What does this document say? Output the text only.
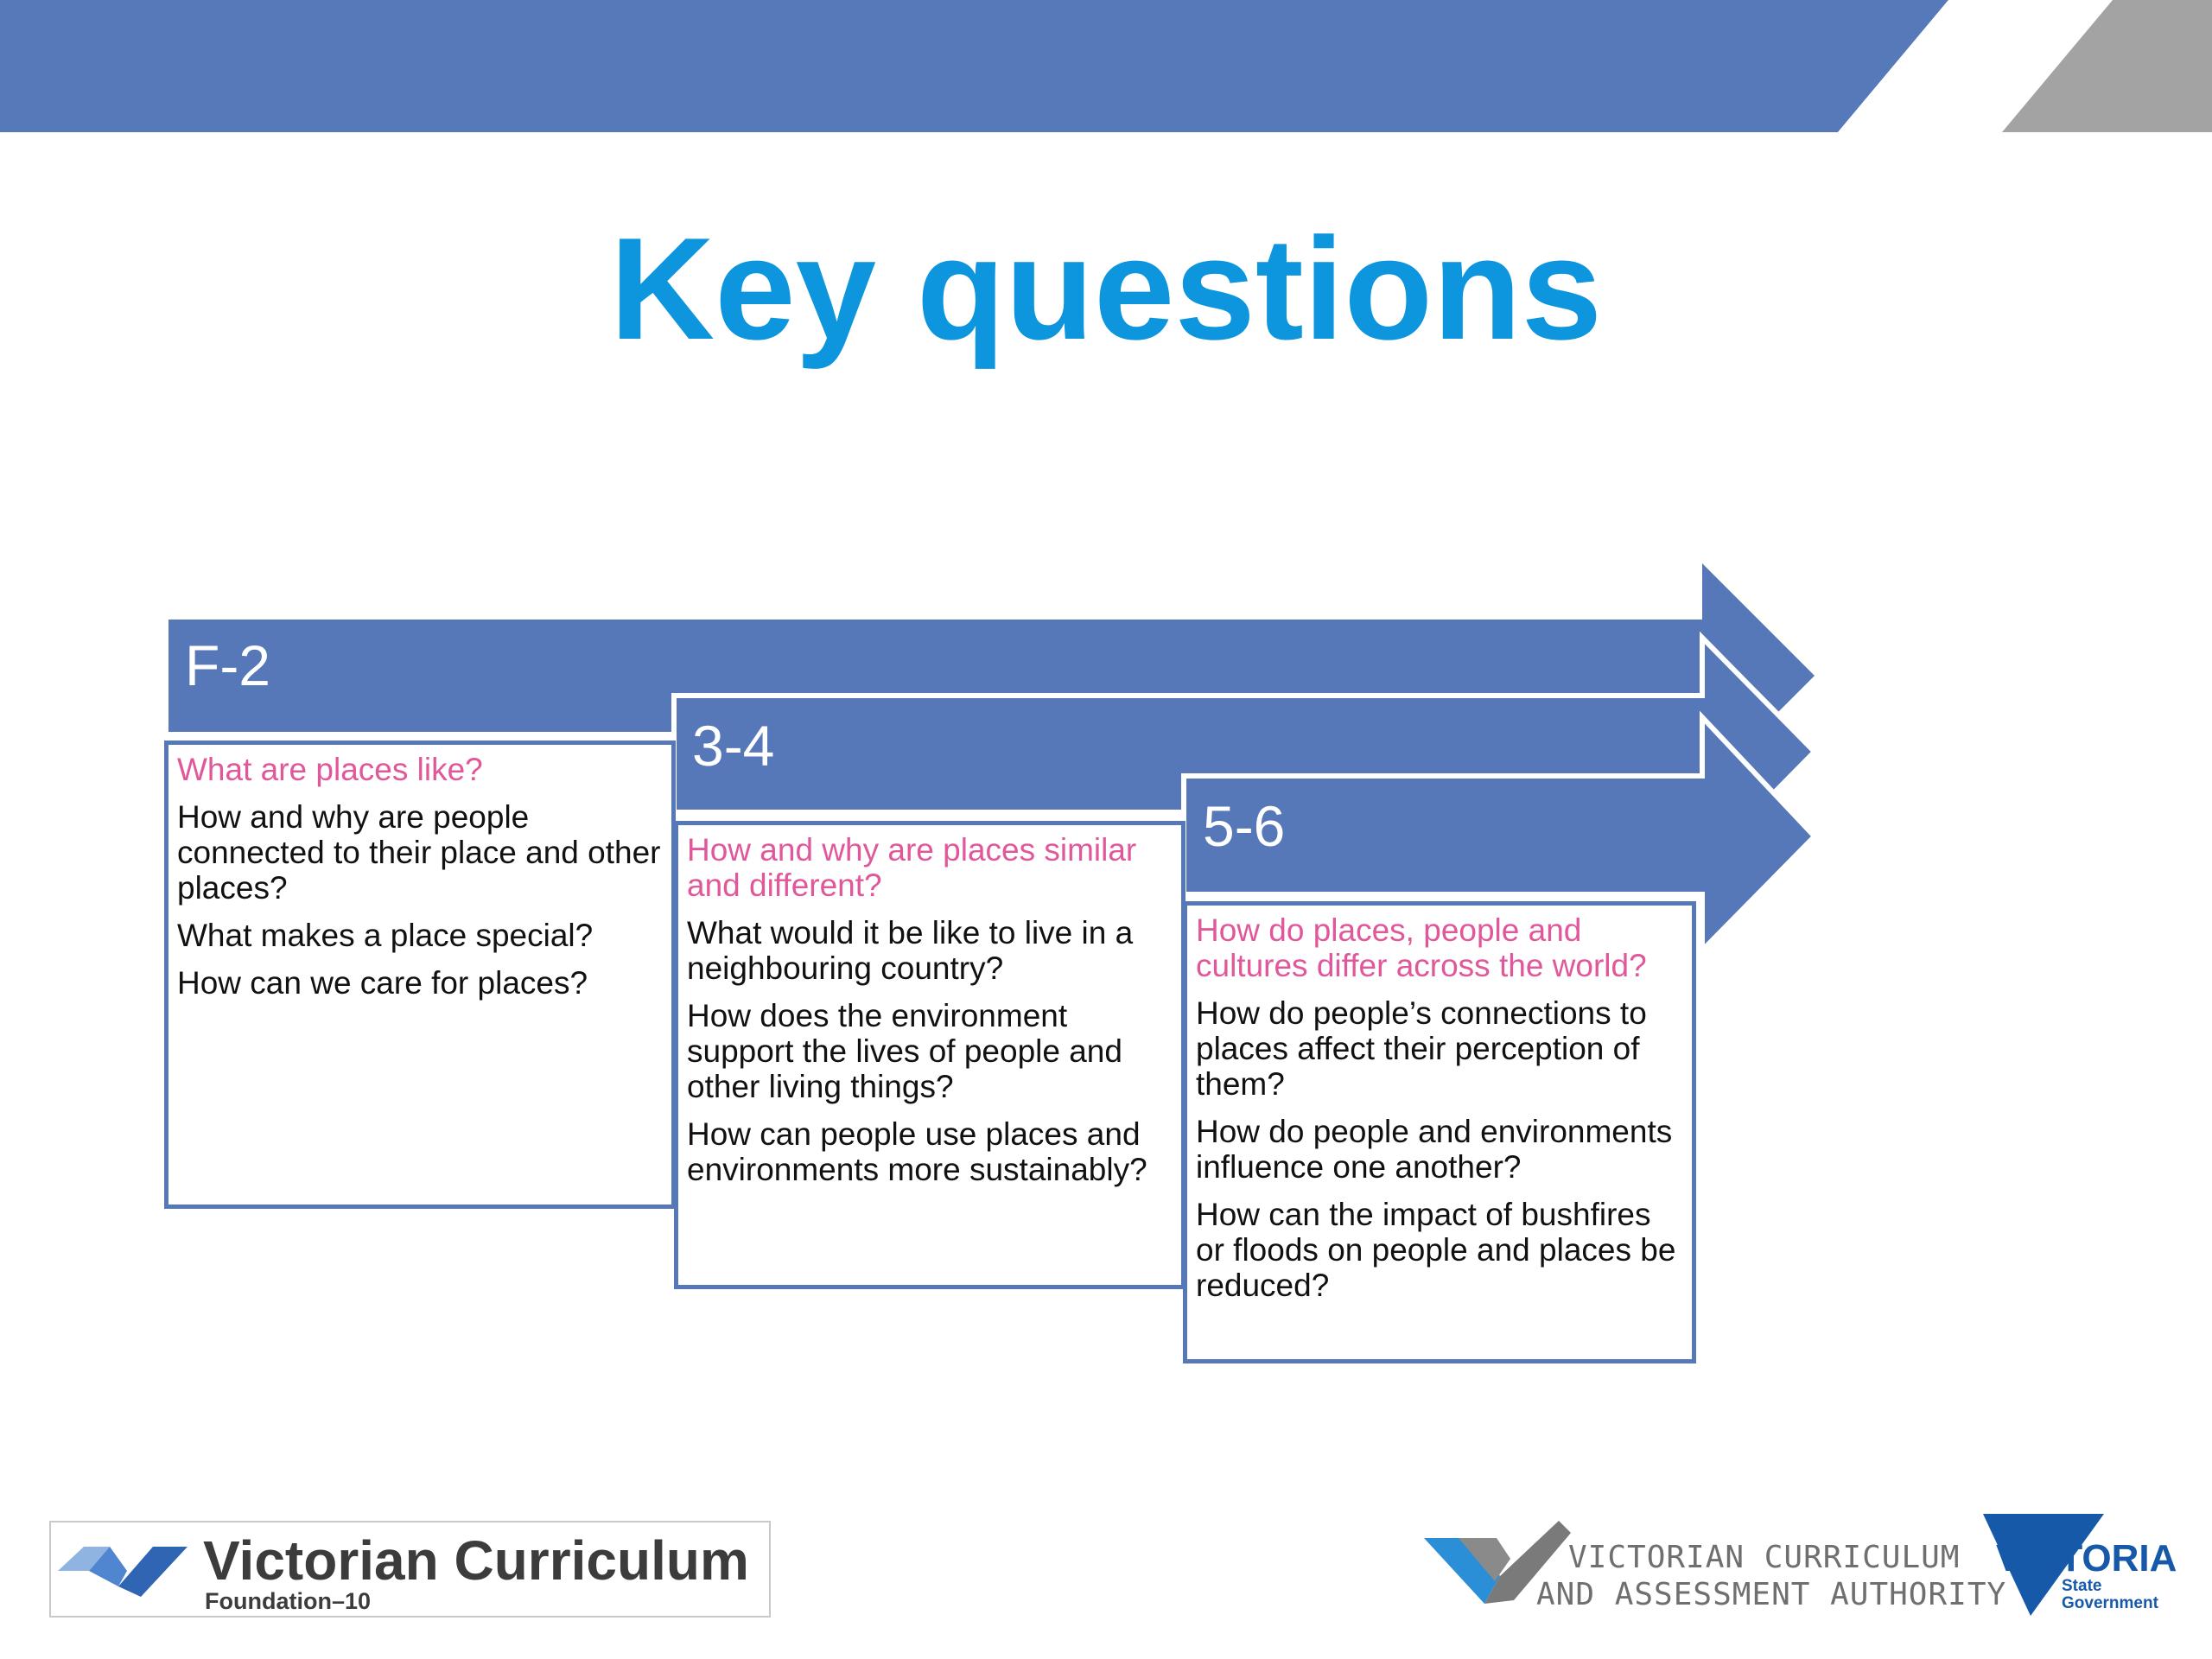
Key questions
F-2
3-4
5-6

What are places like?

How and why are people connected to their place and other places?

What makes a place special?

How can we care for places?

How and why are places similar and different?

What would it be like to live in a neighbouring country?

How does the environment support the lives of people and other living things?

How can people use places and environments more sustainably?

How do places, people and cultures differ across the world?

How do people’s connections to places affect their perception of them?

How do people and environments influence one another?

How can the impact of bushfires or floods on people and places be reduced?

Victorian Curriculum
Foundation–10
VICTORIAN CURRICULUM
AND ASSESSMENT AUTHORITY
VICTORIA
State
Government
